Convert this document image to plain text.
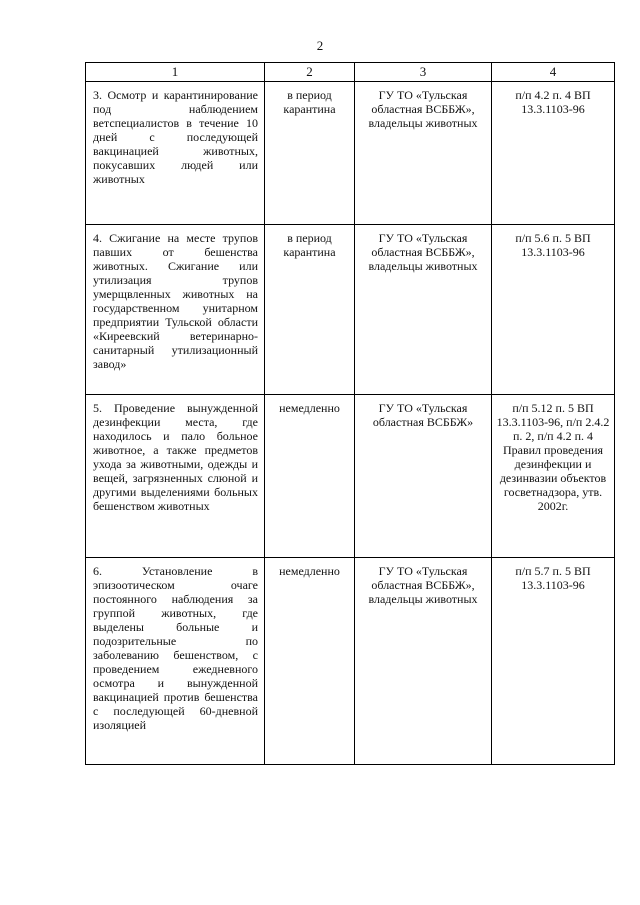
2
1	2	3	4

3. Осмотр и карантинирование под наблюдением ветспециалистов в течение 10 дней с последующей вакцинацией животных, покусавших людей или животных	в период карантина	ГУ ТО «Тульская областная ВСББЖ», владельцы животных	п/п 4.2 п. 4 ВП 13.3.1103-96

4. Сжигание на месте трупов павших от бешенства животных. Сжигание или утилизация трупов умерщвленных животных на государственном унитарном предприятии Тульской области «Киреевский ветеринарно-санитарный утилизационный завод»	в период карантина	ГУ ТО «Тульская областная ВСББЖ», владельцы животных	п/п 5.6 п. 5 ВП 13.3.1103-96

5. Проведение вынужденной дезинфекции места, где находилось и пало больное животное, а также предметов ухода за животными, одежды и вещей, загрязненных слюной и другими выделениями больных бешенством животных	немедленно	ГУ ТО «Тульская областная ВСББЖ»	п/п 5.12 п. 5 ВП 13.3.1103-96, п/п 2.4.2 п. 2, п/п 4.2 п. 4 Правил проведения дезинфекции и дезинвазии объектов госветнадзора, утв. 2002г.

6. Установление в эпизоотическом очаге постоянного наблюдения за группой животных, где выделены больные и подозрительные по заболеванию бешенством, с проведением ежедневного осмотра и вынужденной вакцинацией против бешенства с последующей 60-дневной изоляцией	немедленно	ГУ ТО «Тульская областная ВСББЖ», владельцы животных	п/п 5.7 п. 5 ВП 13.3.1103-96
